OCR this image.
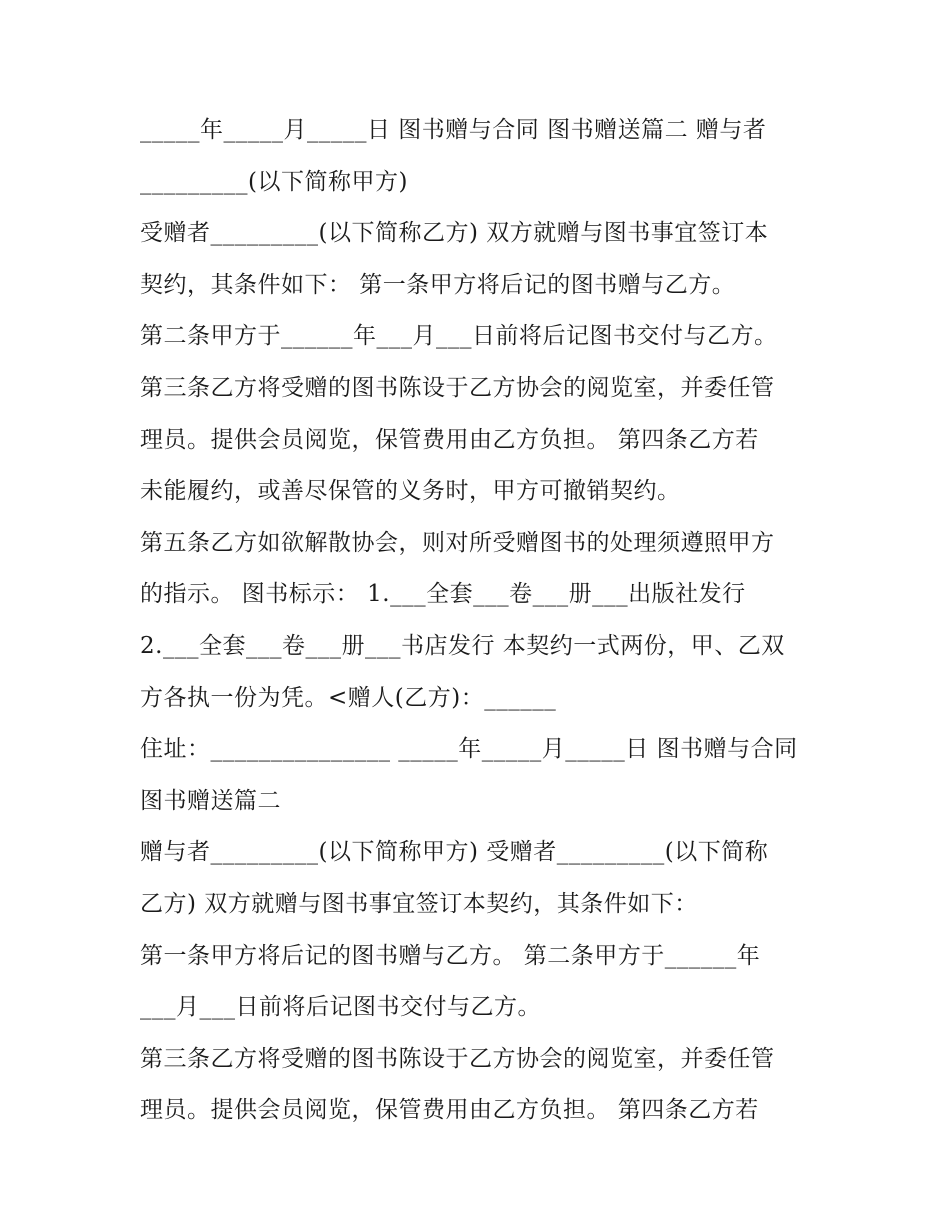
_____年_____月_____日 图书赠与合同 图书赠送篇二 赠与者
_________(以下简称甲方)
受赠者_________(以下简称乙方) 双方就赠与图书事宜签订本
契约，其条件如下： 第一条甲方将后记的图书赠与乙方。
第二条甲方于______年___月___日前将后记图书交付与乙方。
第三条乙方将受赠的图书陈设于乙方协会的阅览室，并委任管
理员。提供会员阅览，保管费用由乙方负担。 第四条乙方若
未能履约，或善尽保管的义务时，甲方可撤销契约。
第五条乙方如欲解散协会，则对所受赠图书的处理须遵照甲方
的指示。 图书标示： 1.___全套___卷___册___出版社发行
2.___全套___卷___册___书店发行 本契约一式两份，甲、乙双
方各执一份为凭。<赠人(乙方)：______
住址：_______________ _____年_____月_____日 图书赠与合同
图书赠送篇二
赠与者_________(以下简称甲方) 受赠者_________(以下简称
乙方) 双方就赠与图书事宜签订本契约，其条件如下：
第一条甲方将后记的图书赠与乙方。 第二条甲方于______年
___月___日前将后记图书交付与乙方。
第三条乙方将受赠的图书陈设于乙方协会的阅览室，并委任管
理员。提供会员阅览，保管费用由乙方负担。 第四条乙方若
